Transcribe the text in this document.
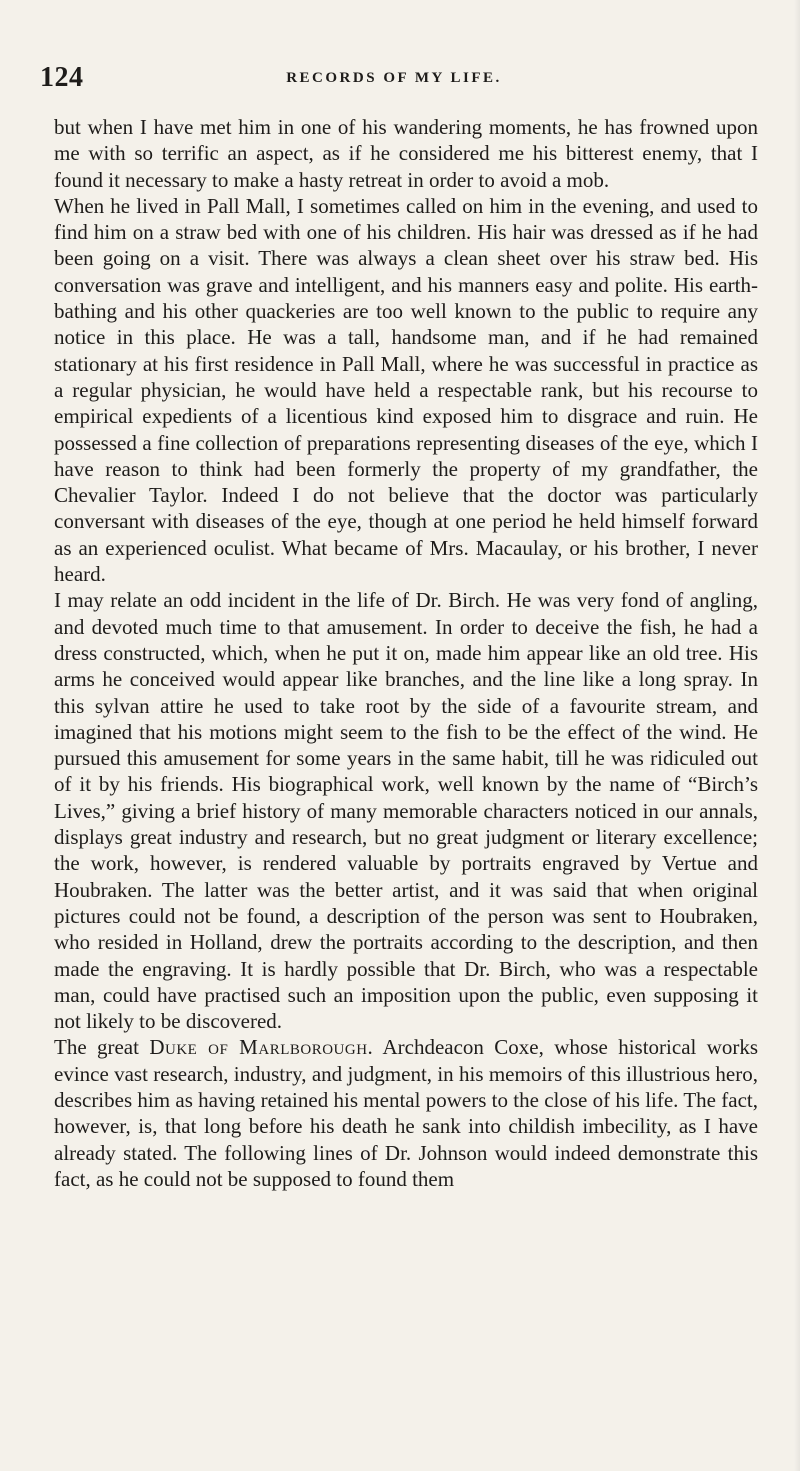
124	RECORDS OF MY LIFE.

but when I have met him in one of his wandering moments, he has frowned upon me with so terrific an aspect, as if he considered me his bitterest enemy, that I found it necessary to make a hasty retreat in order to avoid a mob.

When he lived in Pall Mall, I sometimes called on him in the evening, and used to find him on a straw bed with one of his children. His hair was dressed as if he had been going on a visit. There was always a clean sheet over his straw bed. His conversation was grave and intelligent, and his manners easy and polite. His earth-bathing and his other quackeries are too well known to the public to require any notice in this place. He was a tall, handsome man, and if he had remained stationary at his first residence in Pall Mall, where he was successful in practice as a regular physician, he would have held a respectable rank, but his recourse to empirical expedients of a licentious kind exposed him to disgrace and ruin. He possessed a fine collection of preparations representing diseases of the eye, which I have reason to think had been formerly the property of my grandfather, the Chevalier Taylor. Indeed I do not believe that the doctor was particularly conversant with diseases of the eye, though at one period he held himself forward as an experienced oculist. What became of Mrs. Macaulay, or his brother, I never heard.

I may relate an odd incident in the life of Dr. Birch. He was very fond of angling, and devoted much time to that amusement. In order to deceive the fish, he had a dress constructed, which, when he put it on, made him appear like an old tree. His arms he conceived would appear like branches, and the line like a long spray. In this sylvan attire he used to take root by the side of a favourite stream, and imagined that his motions might seem to the fish to be the effect of the wind. He pursued this amusement for some years in the same habit, till he was ridiculed out of it by his friends. His biographical work, well known by the name of “Birch’s Lives,” giving a brief history of many memorable characters noticed in our annals, displays great industry and research, but no great judgment or literary excellence; the work, however, is rendered valuable by portraits engraved by Vertue and Houbraken. The latter was the better artist, and it was said that when original pictures could not be found, a description of the person was sent to Houbraken, who resided in Holland, drew the portraits according to the description, and then made the engraving. It is hardly possible that Dr. Birch, who was a respectable man, could have practised such an imposition upon the public, even supposing it not likely to be discovered.

The great Duke of Marlborough. Archdeacon Coxe, whose historical works evince vast research, industry, and judgment, in his memoirs of this illustrious hero, describes him as having retained his mental powers to the close of his life. The fact, however, is, that long before his death he sank into childish imbecility, as I have already stated. The following lines of Dr. Johnson would indeed demonstrate this fact, as he could not be supposed to found them
